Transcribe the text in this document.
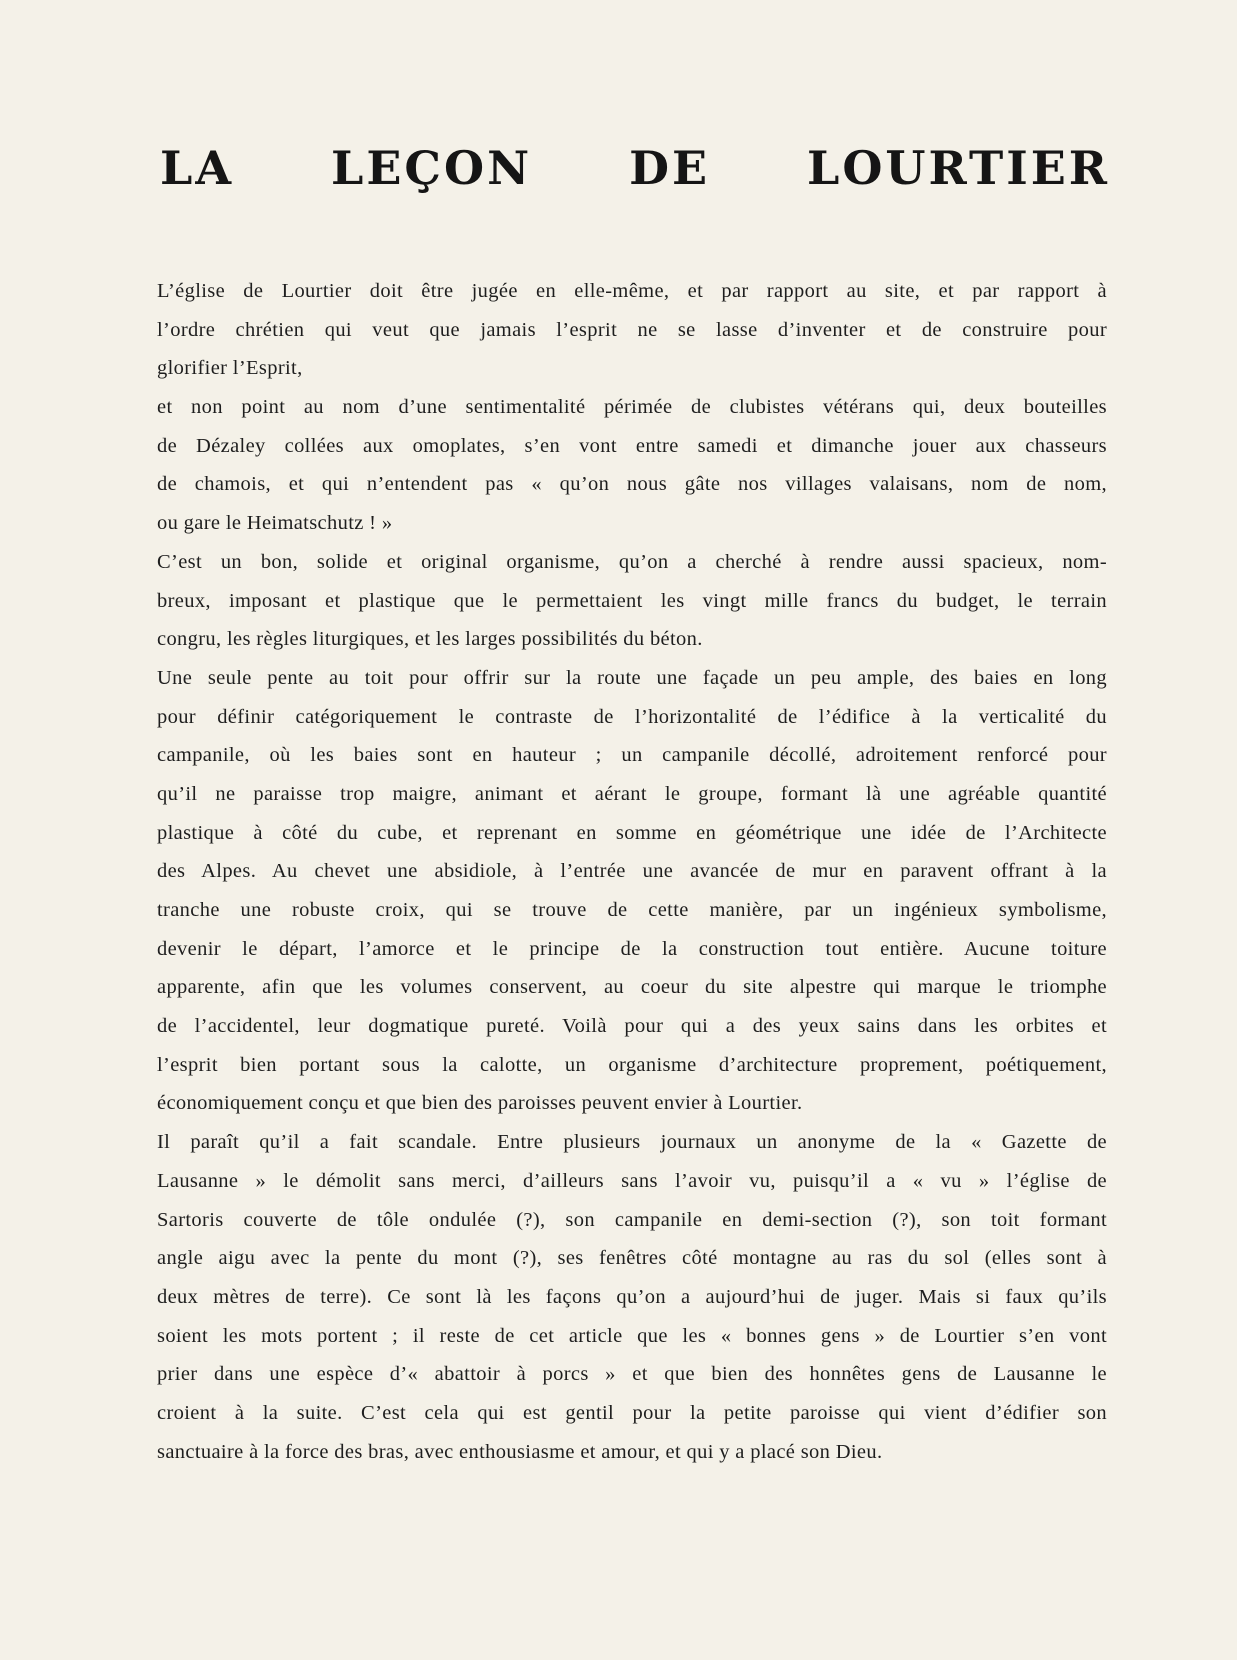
LA LEÇON DE LOURTIER
L’église de Lourtier doit être jugée en elle-même, et par rapport au site, et par rapport à
l’ordre chrétien qui veut que jamais l’esprit ne se lasse d’inventer et de construire pour
glorifier l’Esprit,
et non point au nom d’une sentimentalité périmée de clubistes vétérans qui, deux bouteilles
de Dézaley collées aux omoplates, s’en vont entre samedi et dimanche jouer aux chasseurs
de chamois, et qui n’entendent pas « qu’on nous gâte nos villages valaisans, nom de nom,
ou gare le Heimatschutz ! »
C’est un bon, solide et original organisme, qu’on a cherché à rendre aussi spacieux, nom-
breux, imposant et plastique que le permettaient les vingt mille francs du budget, le terrain
congru, les règles liturgiques, et les larges possibilités du béton.
Une seule pente au toit pour offrir sur la route une façade un peu ample, des baies en long
pour définir catégoriquement le contraste de l’horizontalité de l’édifice à la verticalité du
campanile, où les baies sont en hauteur ; un campanile décollé, adroitement renforcé pour
qu’il ne paraisse trop maigre, animant et aérant le groupe, formant là une agréable quantité
plastique à côté du cube, et reprenant en somme en géométrique une idée de l’Architecte
des Alpes. Au chevet une absidiole, à l’entrée une avancée de mur en paravent offrant à la
tranche une robuste croix, qui se trouve de cette manière, par un ingénieux symbolisme,
devenir le départ, l’amorce et le principe de la construction tout entière. Aucune toiture
apparente, afin que les volumes conservent, au coeur du site alpestre qui marque le triomphe
de l’accidentel, leur dogmatique pureté. Voilà pour qui a des yeux sains dans les orbites et
l’esprit bien portant sous la calotte, un organisme d’architecture proprement, poétiquement,
économiquement conçu et que bien des paroisses peuvent envier à Lourtier.
Il paraît qu’il a fait scandale. Entre plusieurs journaux un anonyme de la « Gazette de
Lausanne » le démolit sans merci, d’ailleurs sans l’avoir vu, puisqu’il a « vu » l’église de
Sartoris couverte de tôle ondulée (?), son campanile en demi-section (?), son toit formant
angle aigu avec la pente du mont (?), ses fenêtres côté montagne au ras du sol (elles sont à
deux mètres de terre). Ce sont là les façons qu’on a aujourd’hui de juger. Mais si faux qu’ils
soient les mots portent ; il reste de cet article que les « bonnes gens » de Lourtier s’en vont
prier dans une espèce d’« abattoir à porcs » et que bien des honnêtes gens de Lausanne le
croient à la suite. C’est cela qui est gentil pour la petite paroisse qui vient d’édifier son
sanctuaire à la force des bras, avec enthousiasme et amour, et qui y a placé son Dieu.
